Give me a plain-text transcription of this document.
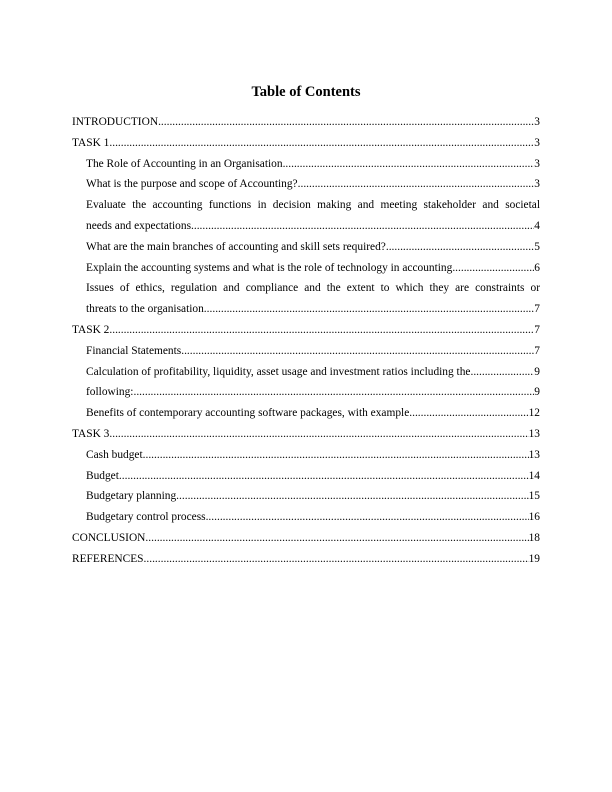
Table of Contents
INTRODUCTION .....	3
TASK 1 .....	3
The Role of Accounting in an Organisation .....	3
What is the purpose and scope of Accounting? .....	3
Evaluate the accounting functions in decision making and meeting stakeholder and societal
needs and expectations .....	4
What are the main branches of accounting and skill sets required? .....	5
Explain the accounting systems and what is the role of technology in accounting .....	6
Issues of ethics, regulation and compliance and the extent to which they are constraints or
threats to the organisation .....	7
TASK 2 .....	7
Financial Statements .....	7
Calculation of profitability, liquidity, asset usage and investment ratios including the .....	9
following: .....	9
Benefits of contemporary accounting software packages, with example .....	12
TASK 3 .....	13
Cash budget .....	13
Budget .....	14
Budgetary planning .....	15
Budgetary control process .....	16
CONCLUSION .....	18
REFERENCES .....	19
